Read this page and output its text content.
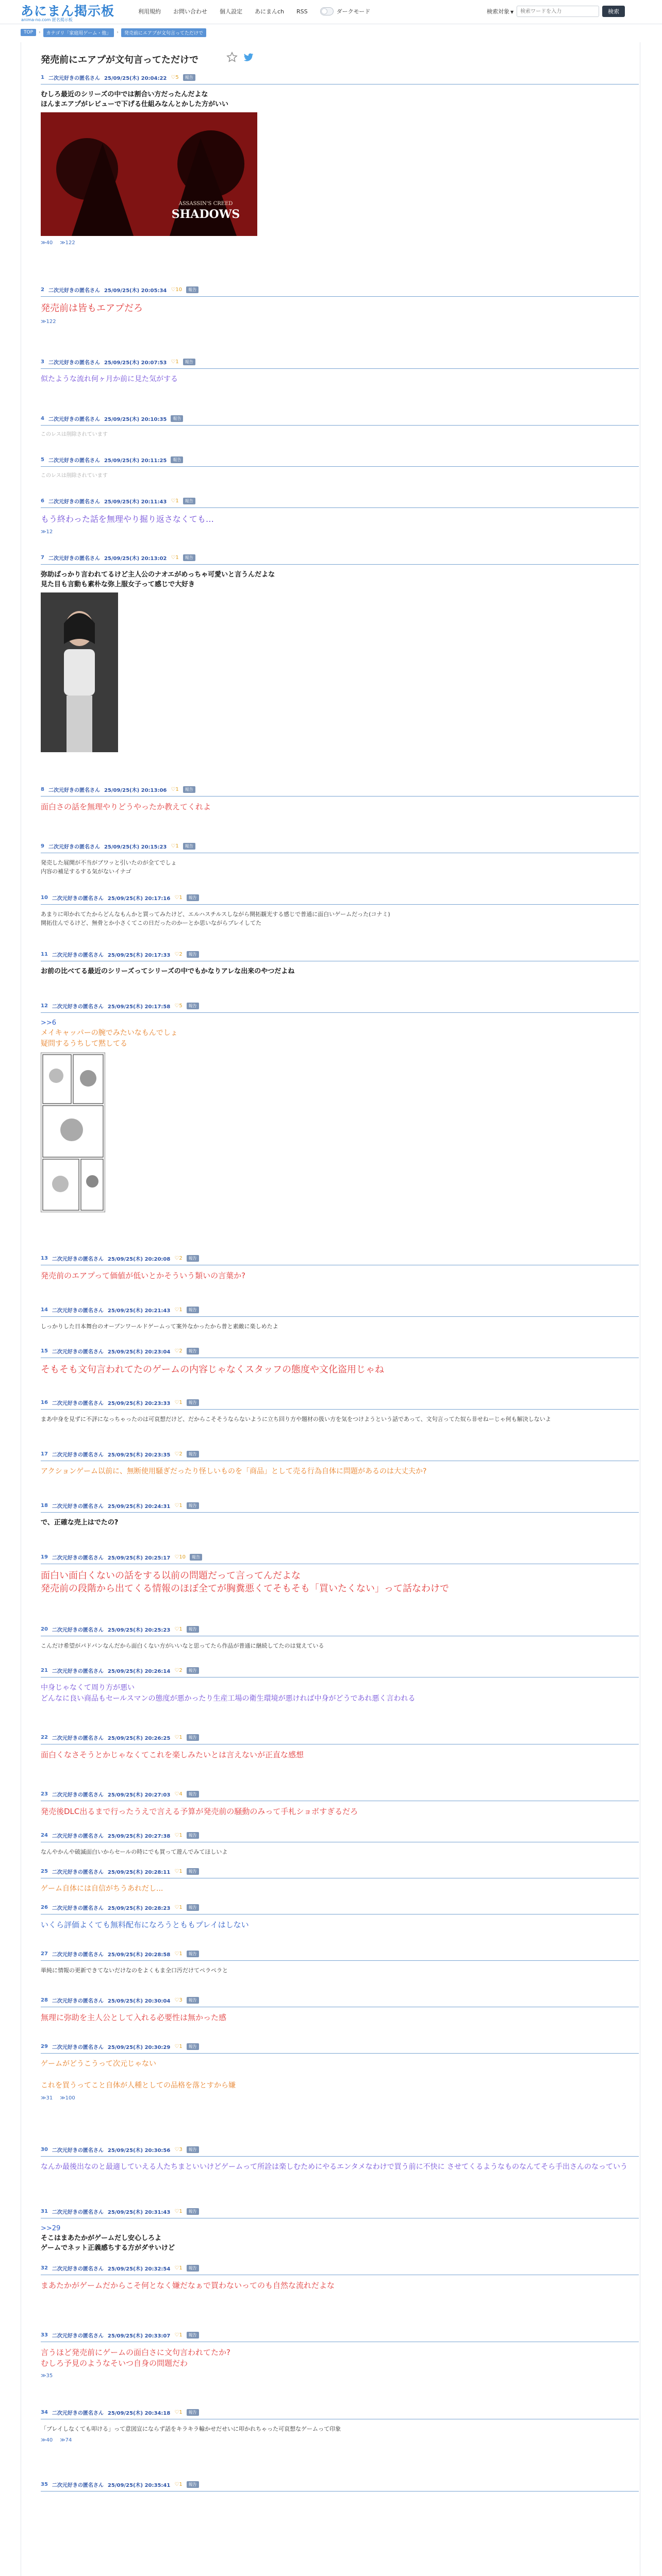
あにまん掲示板
anima-no.com 匿名掲示板
利用規約 お問い合わせ 個人設定 あにまんch RSS	ダークモード	検索対象 ▼
検索ワードを入力	検索
TOP	›	カテゴリ「家庭用ゲーム・他」	›	発売前にエアプが文句言ってただけで
発売前にエアプが文句言ってただけで
1 二次元好きの匿名さん 25/09/25(木) 20:04:22 ♡5	報告
むしろ最近のシリーズの中では割合い方だったんだよな
ほんまエアプがレビューで下げる仕組みなんとかした方がいい
ASSASSIN'S CREED
SHADOWS
≫40 ≫122
2 二次元好きの匿名さん 25/09/25(木) 20:05:34 ♡10	報告
発売前は皆もエアプだろ
≫122
3 二次元好きの匿名さん 25/09/25(木) 20:07:53 ♡1	報告
似たような流れ何ヶ月か前に見た気がする
4 二次元好きの匿名さん 25/09/25(木) 20:10:35	報告
このレスは削除されています
5 二次元好きの匿名さん 25/09/25(木) 20:11:25	報告
このレスは削除されています
6 二次元好きの匿名さん 25/09/25(木) 20:11:43 ♡1	報告
もう終わった話を無理やり掘り返さなくても…
≫12
7 二次元好きの匿名さん 25/09/25(木) 20:13:02 ♡1	報告
弥助ばっかり言われてるけど主人公のナオエがめっちゃ可愛いと言うんだよな
見た目も言動も素朴な弥上服女子って感じで大好き
8 二次元好きの匿名さん 25/09/25(木) 20:13:06 ♡1	報告
面白さの話を無理やりどうやったか教えてくれよ
9 二次元好きの匿名さん 25/09/25(木) 20:15:23 ♡1	報告
発売した展開が不当がブワッと引いたのが全てでしょ
内容の補足するする気がないイナゴ
10 二次元好きの匿名さん 25/09/25(木) 20:17:16 ♡1	報告
あまりに叩かれてたからどんなもんかと買ってみたけど、エルハスチルスしながら開拓観光する感じで普通に面白いゲームだった(コナミ)
開拓住んでるけど、無骨とか小さくてこの日だったのかーとか思いながらプレイしてた
11 二次元好きの匿名さん 25/09/25(木) 20:17:33 ♡2	報告
お前の比べてる最近のシリーズってシリーズの中でもかなりアレな出来のやつだよね
12 二次元好きの匿名さん 25/09/25(木) 20:17:58 ♡5	報告
>>6
メイキャッパーの腕でみたいなもんでしょ
疑問するうちして黙してる
13 二次元好きの匿名さん 25/09/25(木) 20:20:08 ♡2	報告
発売前のエアプって価値が低いとかそういう類いの言葉か?
14 二次元好きの匿名さん 25/09/25(木) 20:21:43 ♡1	報告
しっかりした日本舞台のオープンワールドゲームって案外なかったから普と素敵に楽しめたよ
15 二次元好きの匿名さん 25/09/25(木) 20:23:04 ♡2	報告
そもそも文句言われてたのゲームの内容じゃなくスタッフの態度や文化盗用じゃね
16 二次元好きの匿名さん 25/09/25(木) 20:23:33 ♡1	報告
まあ中身を見ずに不評になっちゃったのは可哀想だけど、だからこそそうならないように立ち回り方や題材の扱い方を気をつけようという話であって、文句言ってた奴ら非せねーじゃ何も解決しないよ
17 二次元好きの匿名さん 25/09/25(木) 20:23:35 ♡2	報告
アクションゲーム以前に、無断使用騒ぎだったり怪しいものを「商品」として売る行為自体に問題があるのは大丈夫か?
18 二次元好きの匿名さん 25/09/25(木) 20:24:31 ♡1	報告
で、正確な売上はでたの?
19 二次元好きの匿名さん 25/09/25(木) 20:25:17 ♡10	報告
面白い面白くないの話をする以前の問題だって言ってんだよな
発売前の段階から出てくる情報のほぼ全てが胸糞悪くてそもそも「買いたくない」って話なわけで
20 二次元好きの匿名さん 25/09/25(木) 20:25:23 ♡1	報告
こんだけ希望がパドバンなんだから面白くない方がいいなと思ってたら作品が普通に継続してたのは覚えている
21 二次元好きの匿名さん 25/09/25(木) 20:26:14 ♡2	報告
中身じゃなくて周り方が悪い
どんなに良い商品もセールスマンの態度が悪かったり生産工場の衛生環境が悪ければ中身がどうであれ悪く言われる
22 二次元好きの匿名さん 25/09/25(木) 20:26:25 ♡1	報告
面白くなさそうとかじゃなくてこれを楽しみたいとは言えないが正直な感想
23 二次元好きの匿名さん 25/09/25(木) 20:27:03 ♡4	報告
発売後DLC出るまで行ったうえで言える予算が発売前の騒動のみって手札ショボすぎるだろ
24 二次元好きの匿名さん 25/09/25(木) 20:27:38 ♡1	報告
なんやかんや破滅面白いからセールの時にでも買って遊んでみてほしいよ
25 二次元好きの匿名さん 25/09/25(木) 20:28:11 ♡1	報告
ゲーム自体には自信がちうあれだし...
26 二次元好きの匿名さん 25/09/25(木) 20:28:23 ♡1	報告
いくら評価よくても無料配布になろうとももプレイはしない
27 二次元好きの匿名さん 25/09/25(木) 20:28:58 ♡1	報告
単純に情報の更新できてないだけなのをよくもま全口汚だけてペラペラと
28 二次元好きの匿名さん 25/09/25(木) 20:30:04 ♡3	報告
無理に弥助を主人公として入れる必要性は無かった感
29 二次元好きの匿名さん 25/09/25(木) 20:30:29 ♡1	報告
ゲームがどうこうって次元じゃない

これを買うってこと自体が人種としての品格を落とすから嫌
≫31 ≫100
30 二次元好きの匿名さん 25/09/25(木) 20:30:56 ♡3	報告
なんか最後出なのと最適していえる人たちまといいけどゲームって所詮は楽しむためにやるエンタメなわけで買う前に不快に させてくるようなものなんてそら手出さんのなっていう
31 二次元好きの匿名さん 25/09/25(木) 20:31:43 ♡1	報告
>>29
そこはまあたかがゲームだし安心しろよ
ゲームでネット正義感ちする方がダサいけど
32 二次元好きの匿名さん 25/09/25(木) 20:32:54 ♡1	報告
まあたかがゲームだからこそ何となく嫌だなぁで買わないってのも自然な流れだよな
33 二次元好きの匿名さん 25/09/25(木) 20:33:07 ♡1	報告
言うほど発売前にゲームの面白さに文句言われてたか?
むしろ予見のようなそいつ自身の問題だわ
≫35
34 二次元好きの匿名さん 25/09/25(木) 20:34:18 ♡1	報告
「ブレイしなくても叩ける」って意図宣にならず話をキラキラ輸かせだせいに叩かれちゃった可哀想なゲームって印象
≫40 ≫74
35 二次元好きの匿名さん 25/09/25(木) 20:35:41 ♡1	報告
